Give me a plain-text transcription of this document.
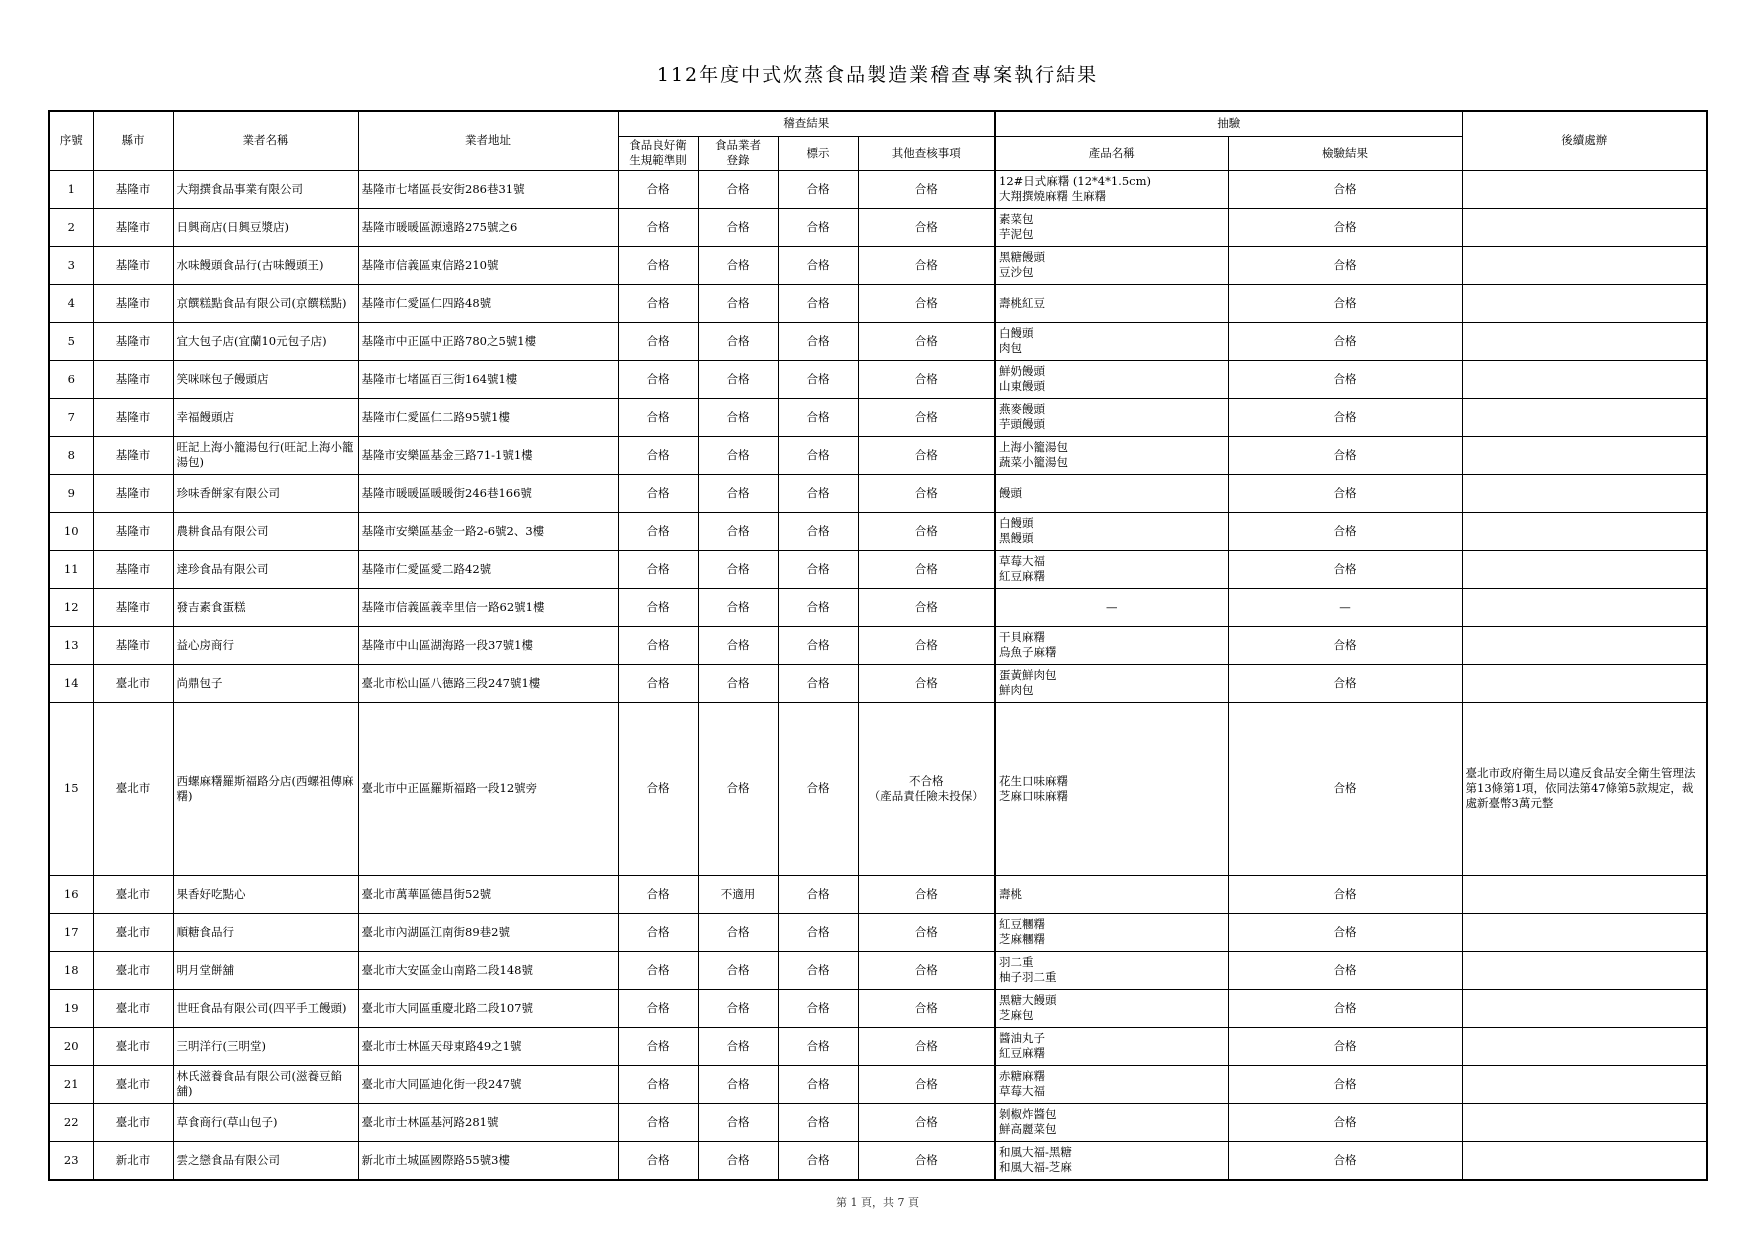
112年度中式炊蒸食品製造業稽查專案執行結果
序號	縣市	業者名稱	業者地址	稽查結果				抽驗		後續處辦
				食品良好衛
生規範準則	食品業者
登錄	標示	其他查核事項	產品名稱	檢驗結果	
1	基隆市	大翔撰食品事業有限公司	基隆市七堵區長安街286巷31號	合格	合格	合格	合格	12#日式麻糬 (12*4*1.5cm)
大翔撰燒麻糬 生麻糬	合格	
2	基隆市	日興商店(日興豆漿店)	基隆市暖暖區源遠路275號之6	合格	合格	合格	合格	素菜包
芋泥包	合格	
3	基隆市	水味饅頭食品行(古味饅頭王)	基隆市信義區東信路210號	合格	合格	合格	合格	黑糖饅頭
豆沙包	合格	
4	基隆市	京饌糕點食品有限公司(京饌糕點)	基隆市仁愛區仁四路48號	合格	合格	合格	合格	壽桃紅豆	合格	
5	基隆市	宜大包子店(宜蘭10元包子店)	基隆市中正區中正路780之5號1樓	合格	合格	合格	合格	白饅頭
肉包	合格	
6	基隆市	笑咪咪包子饅頭店	基隆市七堵區百三街164號1樓	合格	合格	合格	合格	鮮奶饅頭
山東饅頭	合格	
7	基隆市	幸福饅頭店	基隆市仁愛區仁二路95號1樓	合格	合格	合格	合格	燕麥饅頭
芋頭饅頭	合格	
8	基隆市	旺記上海小籠湯包行(旺記上海小籠湯包)	基隆市安樂區基金三路71-1號1樓	合格	合格	合格	合格	上海小籠湯包
蔬菜小籠湯包	合格	
9	基隆市	珍味香餅家有限公司	基隆市暖暖區暖暖街246巷166號	合格	合格	合格	合格	饅頭	合格	
10	基隆市	農耕食品有限公司	基隆市安樂區基金一路2-6號2、3樓	合格	合格	合格	合格	白饅頭
黑饅頭	合格	
11	基隆市	達珍食品有限公司	基隆市仁愛區愛二路42號	合格	合格	合格	合格	草莓大福
紅豆麻糬	合格	
12	基隆市	發吉素食蛋糕	基隆市信義區義幸里信一路62號1樓	合格	合格	合格	合格	—	—	
13	基隆市	益心房商行	基隆市中山區湖海路一段37號1樓	合格	合格	合格	合格	干貝麻糬
烏魚子麻糬	合格	
14	臺北市	尚鼎包子	臺北市松山區八德路三段247號1樓	合格	合格	合格	合格	蛋黃鮮肉包
鮮肉包	合格	
15	臺北市	西螺麻糬羅斯福路分店(西螺祖傳麻糬)	臺北市中正區羅斯福路一段12號旁	合格	合格	合格	不合格
（產品責任險未投保）	花生口味麻糬
芝麻口味麻糬	合格	臺北市政府衛生局以違反食品安全衛生管理法第13條第1項，依同法第47條第5款規定，裁處新臺幣3萬元整
16	臺北市	果香好吃點心	臺北市萬華區德昌街52號	合格	不適用	合格	合格	壽桃	合格	
17	臺北市	順糖食品行	臺北市內湖區江南街89巷2號	合格	合格	合格	合格	紅豆糰糬
芝麻糰糬	合格	
18	臺北市	明月堂餅舖	臺北市大安區金山南路二段148號	合格	合格	合格	合格	羽二重
柚子羽二重	合格	
19	臺北市	世旺食品有限公司(四平手工饅頭)	臺北市大同區重慶北路二段107號	合格	合格	合格	合格	黑糖大饅頭
芝麻包	合格	
20	臺北市	三明洋行(三明堂)	臺北市士林區天母東路49之1號	合格	合格	合格	合格	醬油丸子
紅豆麻糬	合格	
21	臺北市	林氏滋養食品有限公司(滋養豆餡舖)	臺北市大同區迪化街一段247號	合格	合格	合格	合格	赤糖麻糬
草莓大福	合格	
22	臺北市	草食商行(草山包子)	臺北市士林區基河路281號	合格	合格	合格	合格	剝椒炸醬包
鮮高麗菜包	合格	
23	新北市	雲之戀食品有限公司	新北市土城區國際路55號3樓	合格	合格	合格	合格	和風大福-黑糖
和風大福-芝麻	合格	
第 1 頁，共 7 頁
